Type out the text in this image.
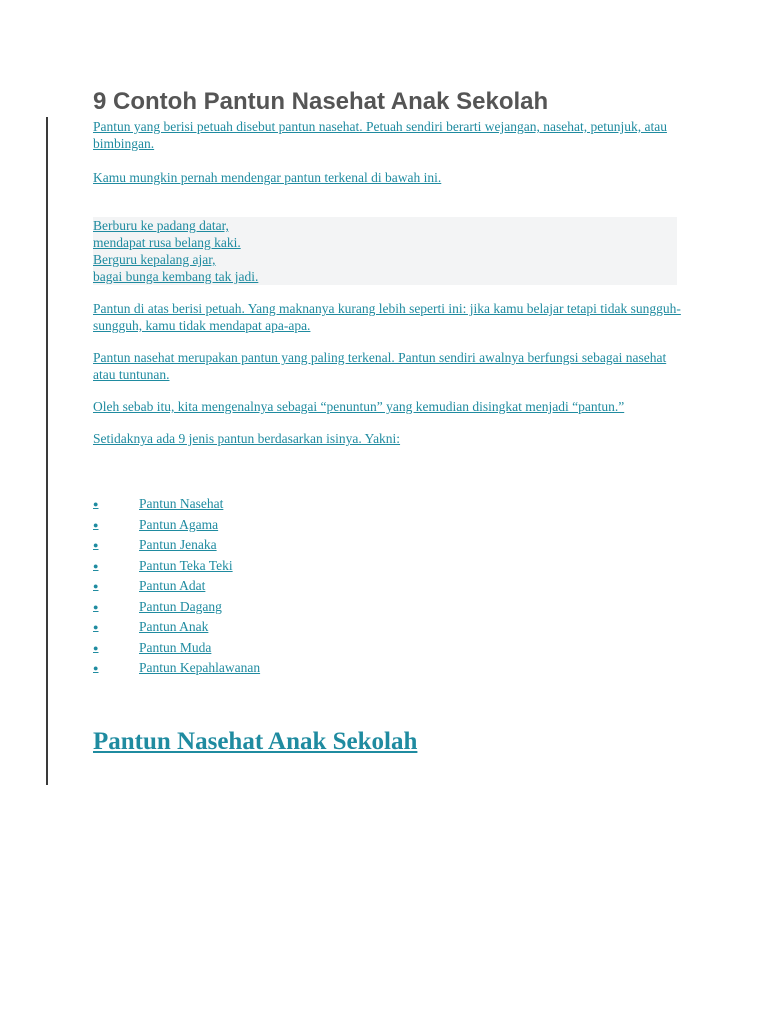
9 Contoh Pantun Nasehat Anak Sekolah

Pantun yang berisi petuah disebut pantun nasehat. Petuah sendiri berarti wejangan, nasehat, petunjuk, atau bimbingan.

Kamu mungkin pernah mendengar pantun terkenal di bawah ini.

Berburu ke padang datar,
mendapat rusa belang kaki.
Berguru kepalang ajar,
bagai bunga kembang tak jadi.

Pantun di atas berisi petuah. Yang maknanya kurang lebih seperti ini: jika kamu belajar tetapi tidak sungguh-sungguh, kamu tidak mendapat apa-apa.

Pantun nasehat merupakan pantun yang paling terkenal. Pantun sendiri awalnya berfungsi sebagai nasehat atau tuntunan.

Oleh sebab itu, kita mengenalnya sebagai “penuntun” yang kemudian disingkat menjadi “pantun.”

Setidaknya ada 9 jenis pantun berdasarkan isinya. Yakni:

●	Pantun Nasehat
●	Pantun Agama
●	Pantun Jenaka
●	Pantun Teka Teki
●	Pantun Adat
●	Pantun Dagang
●	Pantun Anak
●	Pantun Muda
●	Pantun Kepahlawanan
Pantun Nasehat Anak Sekolah
